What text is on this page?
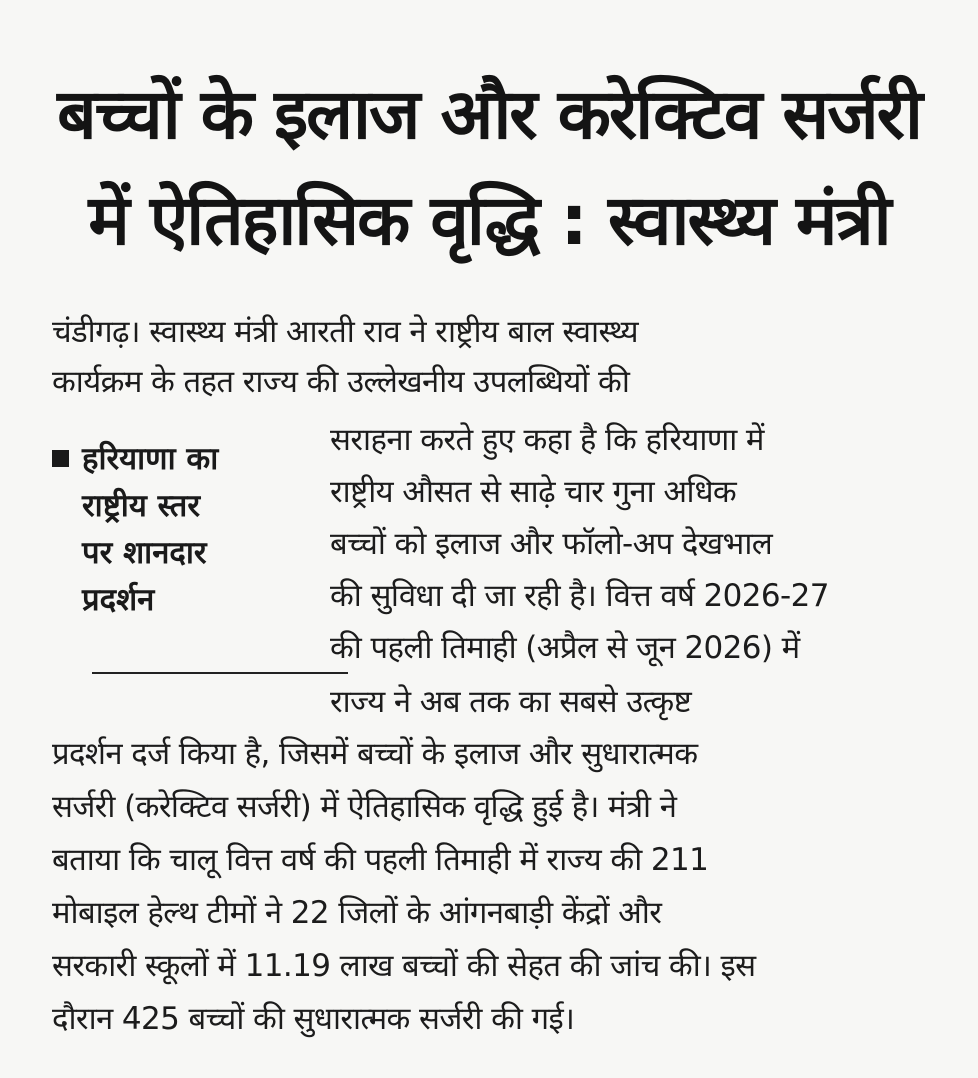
बच्चों के इलाज और करेक्टिव सर्जरी
में ऐतिहासिक वृद्धि : स्वास्थ्य मंत्री

चंडीगढ़। स्वास्थ्य मंत्री आरती राव ने राष्ट्रीय बाल स्वास्थ्य

कार्यक्रम के तहत राज्य की उल्लेखनीय उपलब्धियों की

हरियाणा का
राष्ट्रीय स्तर
पर शानदार
प्रदर्शन

सराहना करते हुए कहा है कि हरियाणा में

राष्ट्रीय औसत से साढ़े चार गुना अधिक

बच्चों को इलाज और फॉलो-अप देखभाल

की सुविधा दी जा रही है। वित्त वर्ष 2026-27

की पहली तिमाही (अप्रैल से जून 2026) में

राज्य ने अब तक का सबसे उत्कृष्ट

प्रदर्शन दर्ज किया है, जिसमें बच्चों के इलाज और सुधारात्मक

सर्जरी (करेक्टिव सर्जरी) में ऐतिहासिक वृद्धि हुई है। मंत्री ने

बताया कि चालू वित्त वर्ष की पहली तिमाही में राज्य की 211

मोबाइल हेल्थ टीमों ने 22 जिलों के आंगनबाड़ी केंद्रों और

सरकारी स्कूलों में 11.19 लाख बच्चों की सेहत की जांच की। इस

दौरान 425 बच्चों की सुधारात्मक सर्जरी की गई।
